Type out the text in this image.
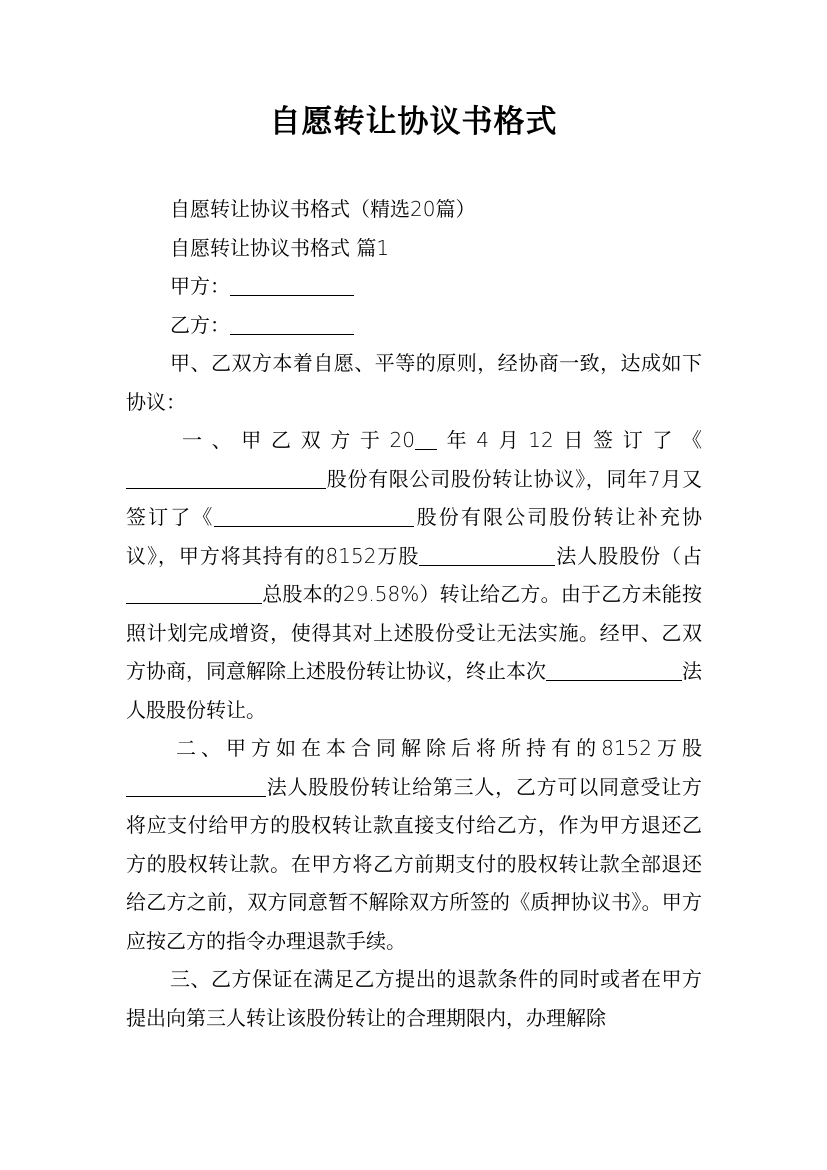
自愿转让协议书格式

自愿转让协议书格式（精选20篇）

自愿转让协议书格式 篇1

甲方：

乙方：

甲、乙双方本着自愿、平等的原则，经协商一致，达成如下协议：

一、甲乙双方于20 年4月12日签订了《股份有限公司股份转让协议》，同年7月又签订了《	股份有限公司股份转让补充协议》，甲方将其持有的8152万股	法人股股份（占总股本的29.58%）转让给乙方。由于乙方未能按照计划完成增资，使得其对上述股份受让无法实施。经甲、乙双方协商，同意解除上述股份转让协议，终止本次	法人股股份转让。

二、甲方如在本合同解除后将所持有的8152万股法人股股份转让给第三人，乙方可以同意受让方将应支付给甲方的股权转让款直接支付给乙方，作为甲方退还乙方的股权转让款。在甲方将乙方前期支付的股权转让款全部退还给乙方之前，双方同意暂不解除双方所签的《质押协议书》。甲方应按乙方的指令办理退款手续。

三、乙方保证在满足乙方提出的退款条件的同时或者在甲方提出向第三人转让该股份转让的合理期限内，办理解除
